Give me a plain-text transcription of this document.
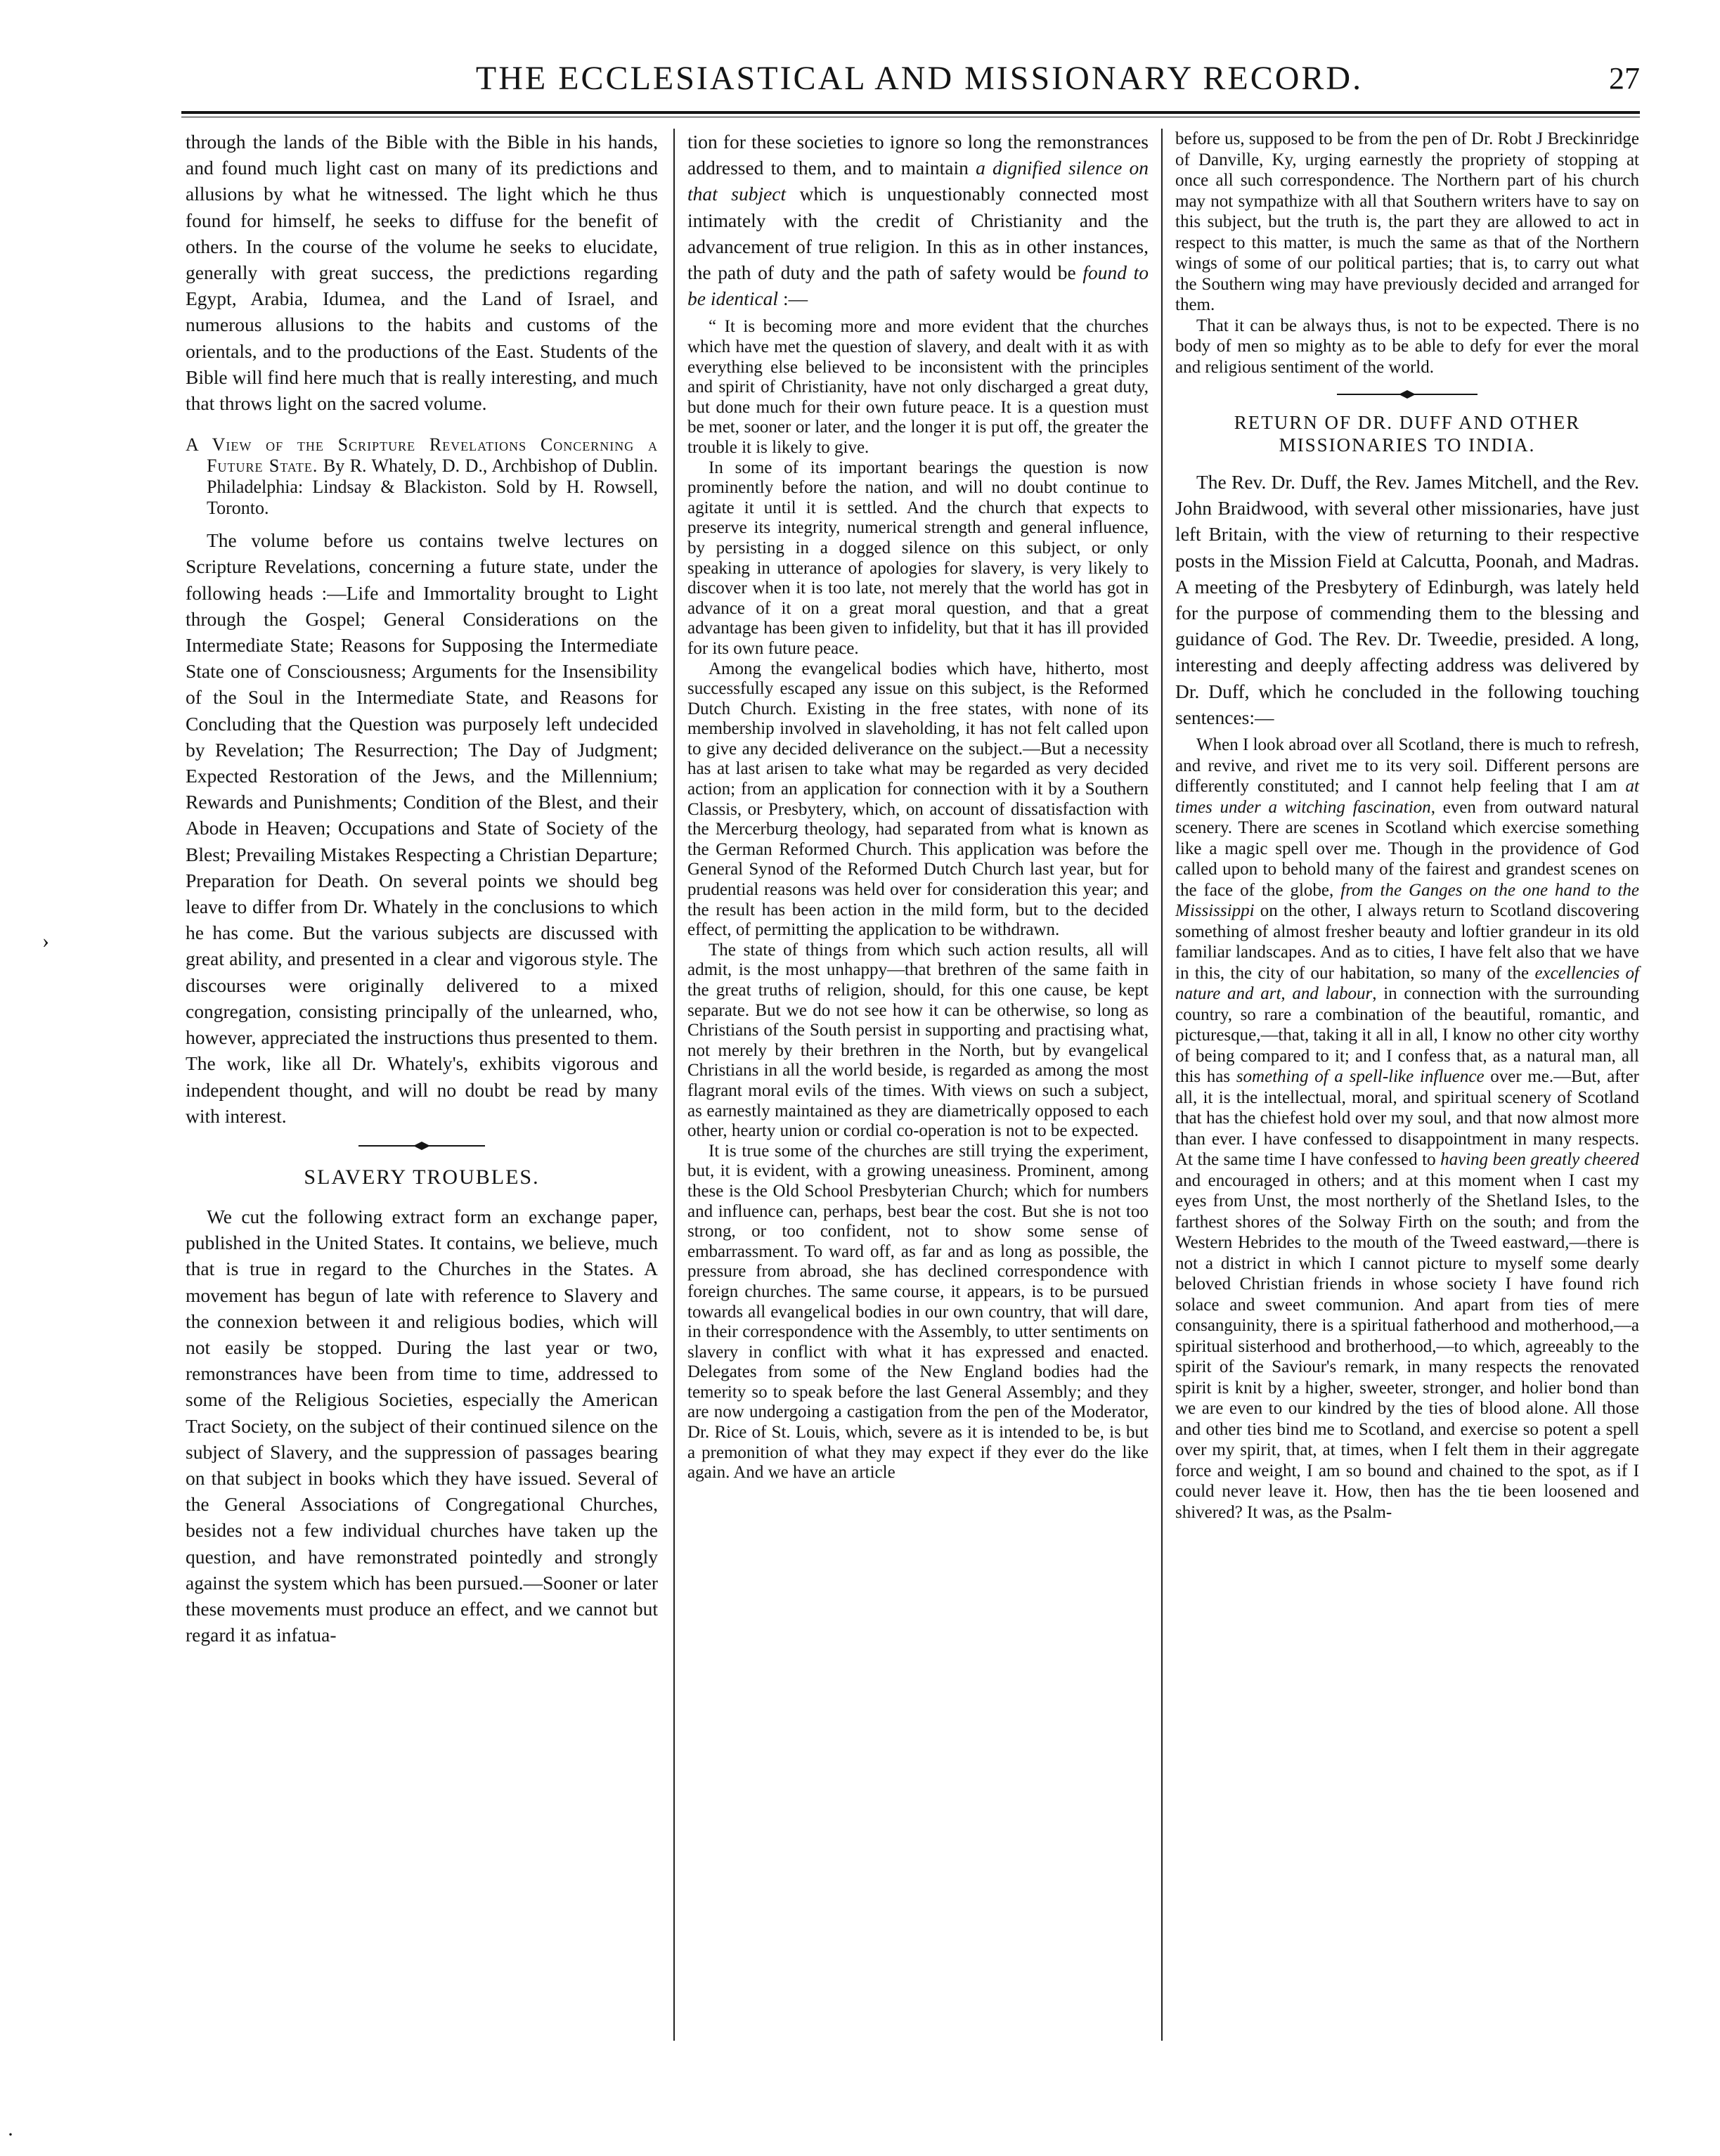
THE ECCLESIASTICAL AND MISSIONARY RECORD.	27
›
·

through the lands of the Bible with the Bible in his hands, and found much light cast on many of its predictions and allusions by what he witnessed. The light which he thus found for himself, he seeks to diffuse for the benefit of others. In the course of the volume he seeks to elucidate, generally with great success, the predictions regarding Egypt, Arabia, Idumea, and the Land of Israel, and numerous allusions to the habits and customs of the orientals, and to the productions of the East. Students of the Bible will find here much that is really interesting, and much that throws light on the sacred volume.

A View of the Scripture Revelations Concerning a Future State. By R. Whately, D. D., Archbishop of Dublin. Philadelphia: Lindsay & Blackiston. Sold by H. Rowsell, Toronto.

The volume before us contains twelve lectures on Scripture Revelations, concerning a future state, under the following heads :—Life and Immortality brought to Light through the Gospel; General Considerations on the Intermediate State; Reasons for Supposing the Intermediate State one of Consciousness; Arguments for the Insensibility of the Soul in the Intermediate State, and Reasons for Concluding that the Question was purposely left undecided by Revelation; The Resurrection; The Day of Judgment; Expected Restoration of the Jews, and the Millennium; Rewards and Punishments; Condition of the Blest, and their Abode in Heaven; Occupations and State of Society of the Blest; Prevailing Mistakes Respecting a Christian Departure; Preparation for Death. On several points we should beg leave to differ from Dr. Whately in the conclusions to which he has come. But the various subjects are discussed with great ability, and presented in a clear and vigorous style. The discourses were originally delivered to a mixed congregation, consisting principally of the unlearned, who, however, appreciated the instructions thus presented to them. The work, like all Dr. Whately's, exhibits vigorous and independent thought, and will no doubt be read by many with interest.

SLAVERY TROUBLES.

We cut the following extract form an exchange paper, published in the United States. It contains, we believe, much that is true in regard to the Churches in the States. A movement has begun of late with reference to Slavery and the connexion between it and religious bodies, which will not easily be stopped. During the last year or two, remonstrances have been from time to time, addressed to some of the Religious Societies, especially the American Tract Society, on the subject of their continued silence on the subject of Slavery, and the suppression of passages bearing on that subject in books which they have issued. Several of the General Associations of Congregational Churches, besides not a few individual churches have taken up the question, and have remonstrated pointedly and strongly against the system which has been pursued.—Sooner or later these movements must produce an effect, and we cannot but regard it as infatua-

tion for these societies to ignore so long the remonstrances addressed to them, and to maintain a dignified silence on that subject which is unquestionably connected most intimately with the credit of Christianity and the advancement of true religion. In this as in other instances, the path of duty and the path of safety would be found to be identical :—

“ It is becoming more and more evident that the churches which have met the question of slavery, and dealt with it as with everything else believed to be inconsistent with the principles and spirit of Christianity, have not only discharged a great duty, but done much for their own future peace. It is a question must be met, sooner or later, and the longer it is put off, the greater the trouble it is likely to give.

In some of its important bearings the question is now prominently before the nation, and will no doubt continue to agitate it until it is settled. And the church that expects to preserve its integrity, numerical strength and general influence, by persisting in a dogged silence on this subject, or only speaking in utterance of apologies for slavery, is very likely to discover when it is too late, not merely that the world has got in advance of it on a great moral question, and that a great advantage has been given to infidelity, but that it has ill provided for its own future peace.

Among the evangelical bodies which have, hitherto, most successfully escaped any issue on this subject, is the Reformed Dutch Church. Existing in the free states, with none of its membership involved in slaveholding, it has not felt called upon to give any decided deliverance on the subject.—But a necessity has at last arisen to take what may be regarded as very decided action; from an application for connection with it by a Southern Classis, or Presbytery, which, on account of dissatisfaction with the Mercerburg theology, had separated from what is known as the German Reformed Church. This application was before the General Synod of the Reformed Dutch Church last year, but for prudential reasons was held over for consideration this year; and the result has been action in the mild form, but to the decided effect, of permitting the application to be withdrawn.

The state of things from which such action results, all will admit, is the most unhappy—that brethren of the same faith in the great truths of religion, should, for this one cause, be kept separate. But we do not see how it can be otherwise, so long as Christians of the South persist in supporting and practising what, not merely by their brethren in the North, but by evangelical Christians in all the world beside, is regarded as among the most flagrant moral evils of the times. With views on such a subject, as earnestly maintained as they are diametrically opposed to each other, hearty union or cordial co-operation is not to be expected.

It is true some of the churches are still trying the experiment, but, it is evident, with a growing uneasiness. Prominent, among these is the Old School Presbyterian Church; which for numbers and influence can, perhaps, best bear the cost. But she is not too strong, or too confident, not to show some sense of embarrassment. To ward off, as far and as long as possible, the pressure from abroad, she has declined correspondence with foreign churches. The same course, it appears, is to be pursued towards all evangelical bodies in our own country, that will dare, in their correspondence with the Assembly, to utter sentiments on slavery in conflict with what it has expressed and enacted. Delegates from some of the New England bodies had the temerity so to speak before the last General Assembly; and they are now undergoing a castigation from the pen of the Moderator, Dr. Rice of St. Louis, which, severe as it is intended to be, is but a premonition of what they may expect if they ever do the like again. And we have an article

before us, supposed to be from the pen of Dr. Robt J Breckinridge of Danville, Ky, urging earnestly the propriety of stopping at once all such correspondence. The Northern part of his church may not sympathize with all that Southern writers have to say on this subject, but the truth is, the part they are allowed to act in respect to this matter, is much the same as that of the Northern wings of some of our political parties; that is, to carry out what the Southern wing may have previously decided and arranged for them.

That it can be always thus, is not to be expected. There is no body of men so mighty as to be able to defy for ever the moral and religious sentiment of the world.

RETURN OF DR. DUFF AND OTHER MISSIONARIES TO INDIA.

The Rev. Dr. Duff, the Rev. James Mitchell, and the Rev. John Braidwood, with several other missionaries, have just left Britain, with the view of returning to their respective posts in the Mission Field at Calcutta, Poonah, and Madras. A meeting of the Presbytery of Edinburgh, was lately held for the purpose of commending them to the blessing and guidance of God. The Rev. Dr. Tweedie, presided. A long, interesting and deeply affecting address was delivered by Dr. Duff, which he concluded in the following touching sentences:—

When I look abroad over all Scotland, there is much to refresh, and revive, and rivet me to its very soil. Different persons are differently constituted; and I cannot help feeling that I am at times under a witching fascination, even from outward natural scenery. There are scenes in Scotland which exercise something like a magic spell over me. Though in the providence of God called upon to behold many of the fairest and grandest scenes on the face of the globe, from the Ganges on the one hand to the Mississippi on the other, I always return to Scotland discovering something of almost fresher beauty and loftier grandeur in its old familiar landscapes. And as to cities, I have felt also that we have in this, the city of our habitation, so many of the excellencies of nature and art, and labour, in connection with the surrounding country, so rare a combination of the beautiful, romantic, and picturesque,—that, taking it all in all, I know no other city worthy of being compared to it; and I confess that, as a natural man, all this has something of a spell-like influence over me.—But, after all, it is the intellectual, moral, and spiritual scenery of Scotland that has the chiefest hold over my soul, and that now almost more than ever. I have confessed to disappointment in many respects. At the same time I have confessed to having been greatly cheered and encouraged in others; and at this moment when I cast my eyes from Unst, the most northerly of the Shetland Isles, to the farthest shores of the Solway Firth on the south; and from the Western Hebrides to the mouth of the Tweed eastward,—there is not a district in which I cannot picture to myself some dearly beloved Christian friends in whose society I have found rich solace and sweet communion. And apart from ties of mere consanguinity, there is a spiritual fatherhood and motherhood,—a spiritual sisterhood and brotherhood,—to which, agreeably to the spirit of the Saviour's remark, in many respects the renovated spirit is knit by a higher, sweeter, stronger, and holier bond than we are even to our kindred by the ties of blood alone. All those and other ties bind me to Scotland, and exercise so potent a spell over my spirit, that, at times, when I felt them in their aggregate force and weight, I am so bound and chained to the spot, as if I could never leave it. How, then has the tie been loosened and shivered? It was, as the Psalm-
